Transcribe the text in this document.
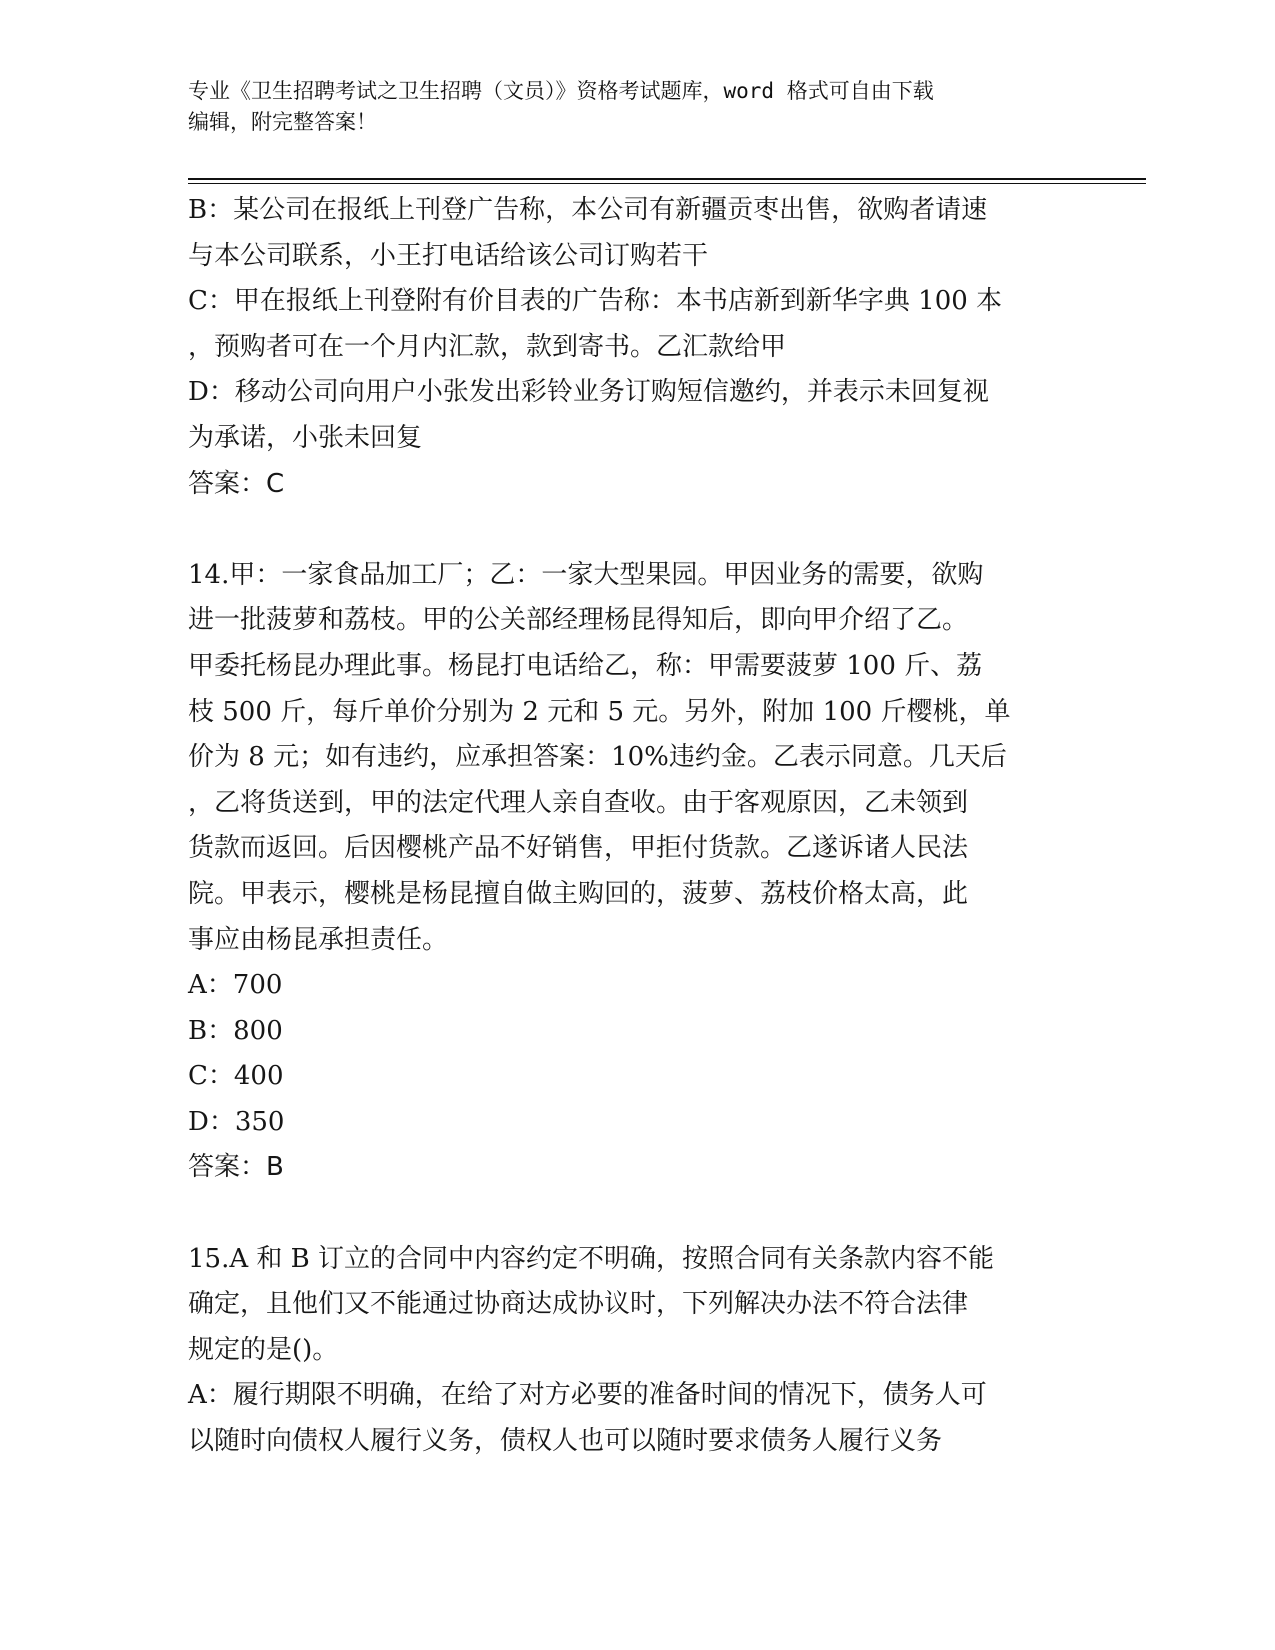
专业《卫生招聘考试之卫生招聘（文员）》资格考试题库，word 格式可自由下载
编辑，附完整答案！
B：某公司在报纸上刊登广告称，本公司有新疆贡枣出售，欲购者请速
与本公司联系，小王打电话给该公司订购若干
C：甲在报纸上刊登附有价目表的广告称：本书店新到新华字典 100 本
，预购者可在一个月内汇款，款到寄书。乙汇款给甲
D：移动公司向用户小张发出彩铃业务订购短信邀约，并表示未回复视
为承诺，小张未回复
答案：C
14.甲：一家食品加工厂；乙：一家大型果园。甲因业务的需要，欲购
进一批菠萝和荔枝。甲的公关部经理杨昆得知后，即向甲介绍了乙。
甲委托杨昆办理此事。杨昆打电话给乙，称：甲需要菠萝 100 斤、荔
枝 500 斤，每斤单价分别为 2 元和 5 元。另外，附加 100 斤樱桃，单
价为 8 元；如有违约，应承担答案：10%违约金。乙表示同意。几天后
，乙将货送到，甲的法定代理人亲自查收。由于客观原因，乙未领到
货款而返回。后因樱桃产品不好销售，甲拒付货款。乙遂诉诸人民法
院。甲表示，樱桃是杨昆擅自做主购回的，菠萝、荔枝价格太高，此
事应由杨昆承担责任。
A：700
B：800
C：400
D：350
答案：B
15.A 和 B 订立的合同中内容约定不明确，按照合同有关条款内容不能
确定，且他们又不能通过协商达成协议时，下列解决办法不符合法律
规定的是()。
A：履行期限不明确，在给了对方必要的准备时间的情况下，债务人可
以随时向债权人履行义务，债权人也可以随时要求债务人履行义务
